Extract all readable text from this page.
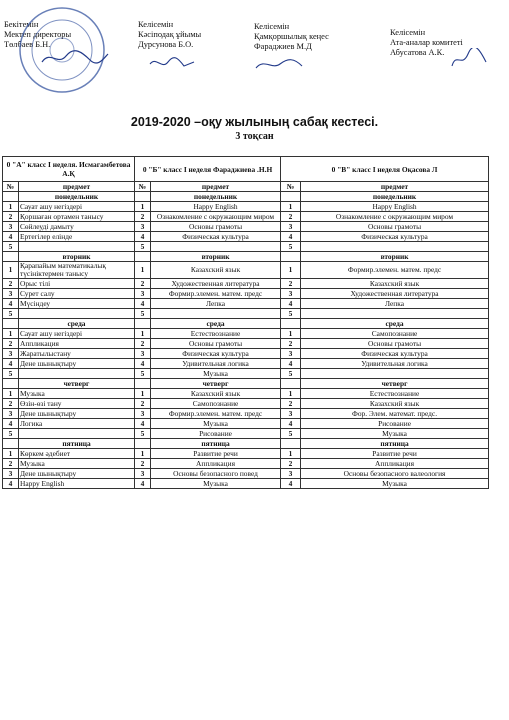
Бекітемін
Мектеп директоры
Төлбаев Б.Н.
Келісемін
Кәсіподақ ұйымы
Дурсунова Б.О.
Келісемін
Қамқоршылық кеңес
Фараджиев М.Д
Келісемін
Ата-аналар комитеті
Абусатова А.К.
2019-2020 –оқу жылының сабақ кестесі.
3 тоқсан
0 "А" класс I неделя. Исмагамбетова А.Қ		0 "Б" класс I неделя Фараджиева .Н.Н		0 "В" класс I неделя Оқасова Л	
№	предмет	№	предмет	№	предмет
	понедельник		понедельник		понедельник
1	Сауат ашу негіздері	1	Happy English	1	Happy English
2	Қоршаған ортамен танысу	2	Ознакомление с окружающим миром	2	Ознакомление с окружающим миром
3	Сөйлеуді дамыту	3	Основы грамоты	3	Основы грамоты
4	Ертегілер елінде	4	Физическая культура	4	Физическая культура
5		5		5	
	вторник		вторник		вторник
1	Қарапайым математикалық түсініктермен танысу	1	Казахский язык	1	Формир.элемен. матем. предс
2	Орыс тілі	2	Художественная литература	2	Казахский язык
3	Сурет салу	3	Формир.элемен. матем. предс	3	Художественная литература
4	Мүсіндеу	4	Лепка	4	Лепка
5		5		5	
	среда		среда		среда
1	Сауат ашу негіздері	1	Естествознание	1	Самопознание
2	Аппликация	2	Основы грамоты	2	Основы грамоты
3	Жаратылыстану	3	Физическая культура	3	Физическая культура
4	Дене шынықтыру	4	Удивительная логика	4	Удивительная логика
5		5	Музыка	5	
	четверг		четверг		четверг
1	Музыка	1	Казахский язык	1	Естествознание
2	Өзін-өзі тану	2	Самопознание	2	Казахский язык
3	Дене шынықтыру	3	Формир.элемен. матем. предс	3	Фор. Элем. математ. предс.
4	Логика	4	Музыка	4	Рисование
5		5	Рисование	5	Музыка
	пятница		пятница		пятница
1	Көркем әдебиет	1	Развитие речи	1	Развитие речи
2	Музыка	2	Аппликация	2	Аппликация
3	Дене шынықтыру	3	Основы безопасного повед	3	Основы безопасного валеология
4	Happy English	4	Музыка	4	Музыка
